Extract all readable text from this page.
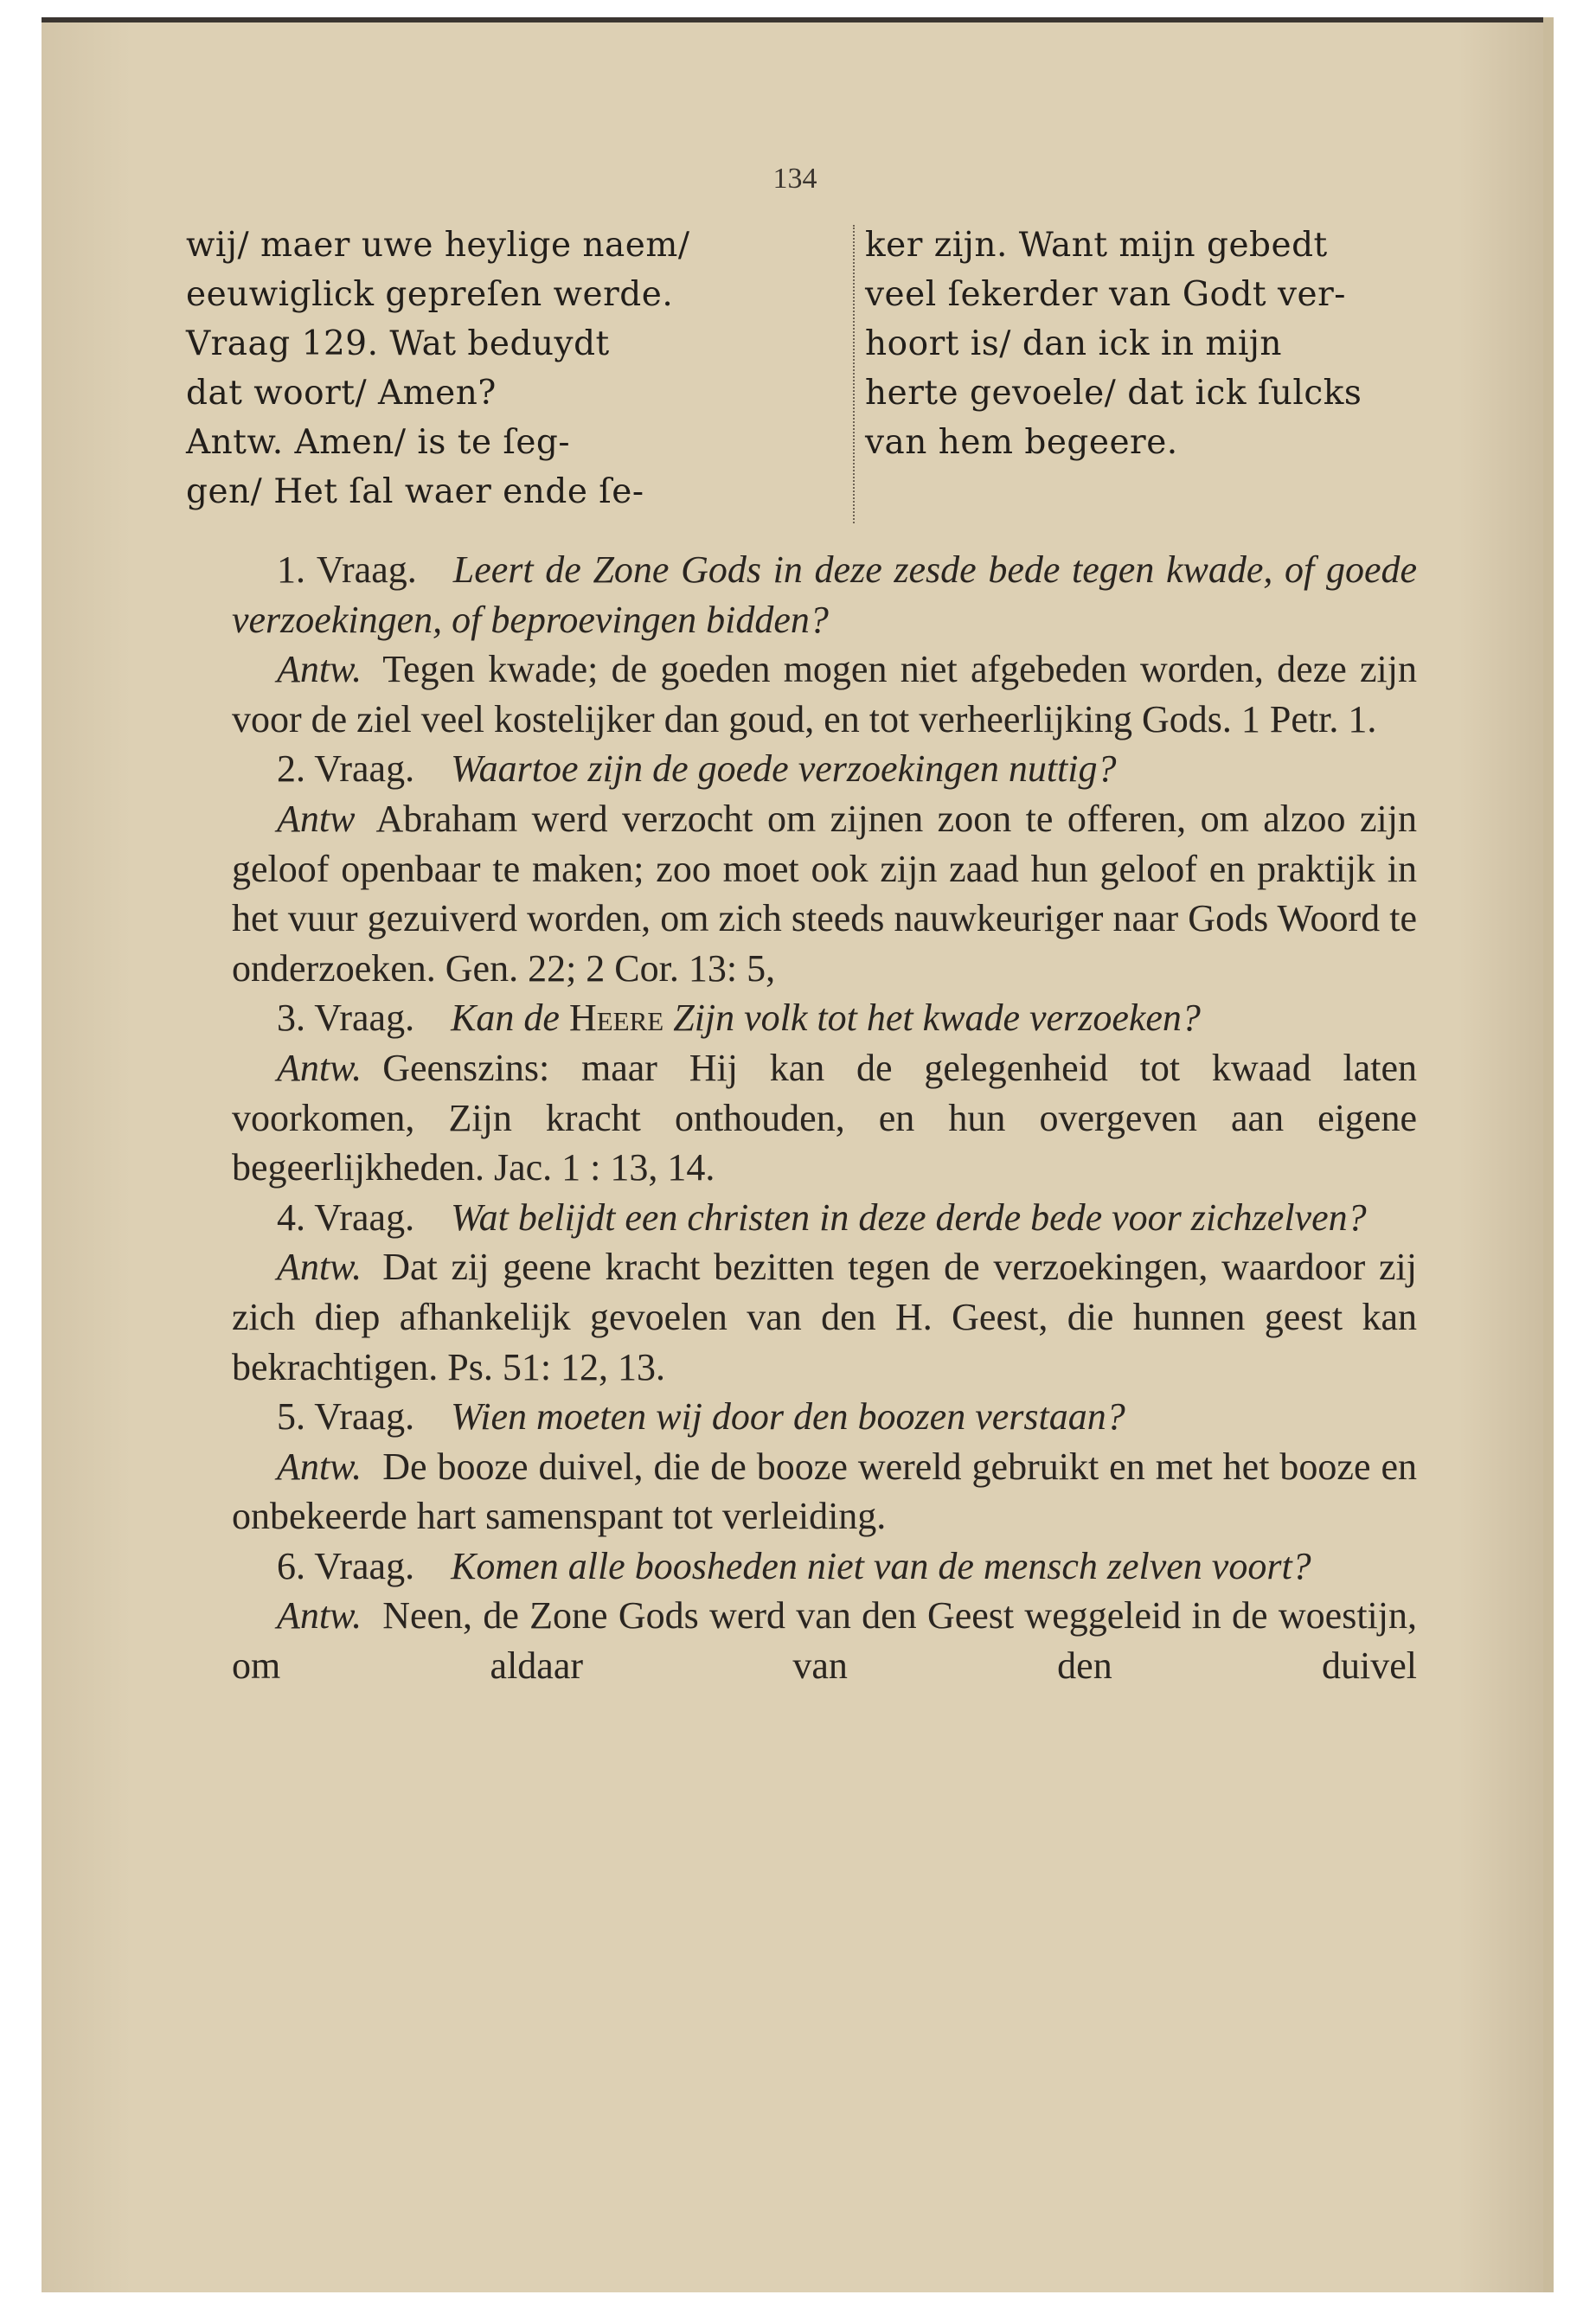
134
wij/ maer uwe heylige naem/
eeuwiglick gepreſen werde.
Vraag 129. Wat beduydt
dat woort/ Amen?
Antw. Amen/ is te ſeg-
gen/ Het ſal waer ende ſe-
ker zijn. Want mijn gebedt
veel ſekerder van Godt ver-
hoort is/ dan ick in mijn
herte gevoele/ dat ick ſulcks
van hem begeere.

1. Vraag. Leert de Zone Gods in deze zesde bede tegen kwade, of goede verzoekingen, of beproevingen bidden?

Antw. Tegen kwade; de goeden mogen niet afgebeden worden, deze zijn voor de ziel veel kostelijker dan goud, en tot verheerlijking Gods. 1 Petr. 1.

2. Vraag. Waartoe zijn de goede verzoekingen nuttig?

Antw Abraham werd verzocht om zijnen zoon te offeren, om alzoo zijn geloof openbaar te maken; zoo moet ook zijn zaad hun geloof en praktijk in het vuur gezuiverd worden, om zich steeds nauwkeuriger naar Gods Woord te onderzoeken. Gen. 22; 2 Cor. 13: 5,

3. Vraag. Kan de Heere Zijn volk tot het kwade verzoeken?

Antw. Geenszins: maar Hij kan de gelegenheid tot kwaad laten voorkomen, Zijn kracht onthouden, en hun overgeven aan eigene begeerlijkheden. Jac. 1 : 13, 14.

4. Vraag. Wat belijdt een christen in deze derde bede voor zichzelven?

Antw. Dat zij geene kracht bezitten tegen de verzoekingen, waardoor zij zich diep afhankelijk gevoelen van den H. Geest, die hunnen geest kan bekrachtigen. Ps. 51: 12, 13.

5. Vraag. Wien moeten wij door den boozen verstaan?

Antw. De booze duivel, die de booze wereld gebruikt en met het booze en onbekeerde hart samenspant tot verleiding.

6. Vraag. Komen alle boosheden niet van de mensch zelven voort?

Antw. Neen, de Zone Gods werd van den Geest weggeleid in de woestijn, om aldaar van den duivel
